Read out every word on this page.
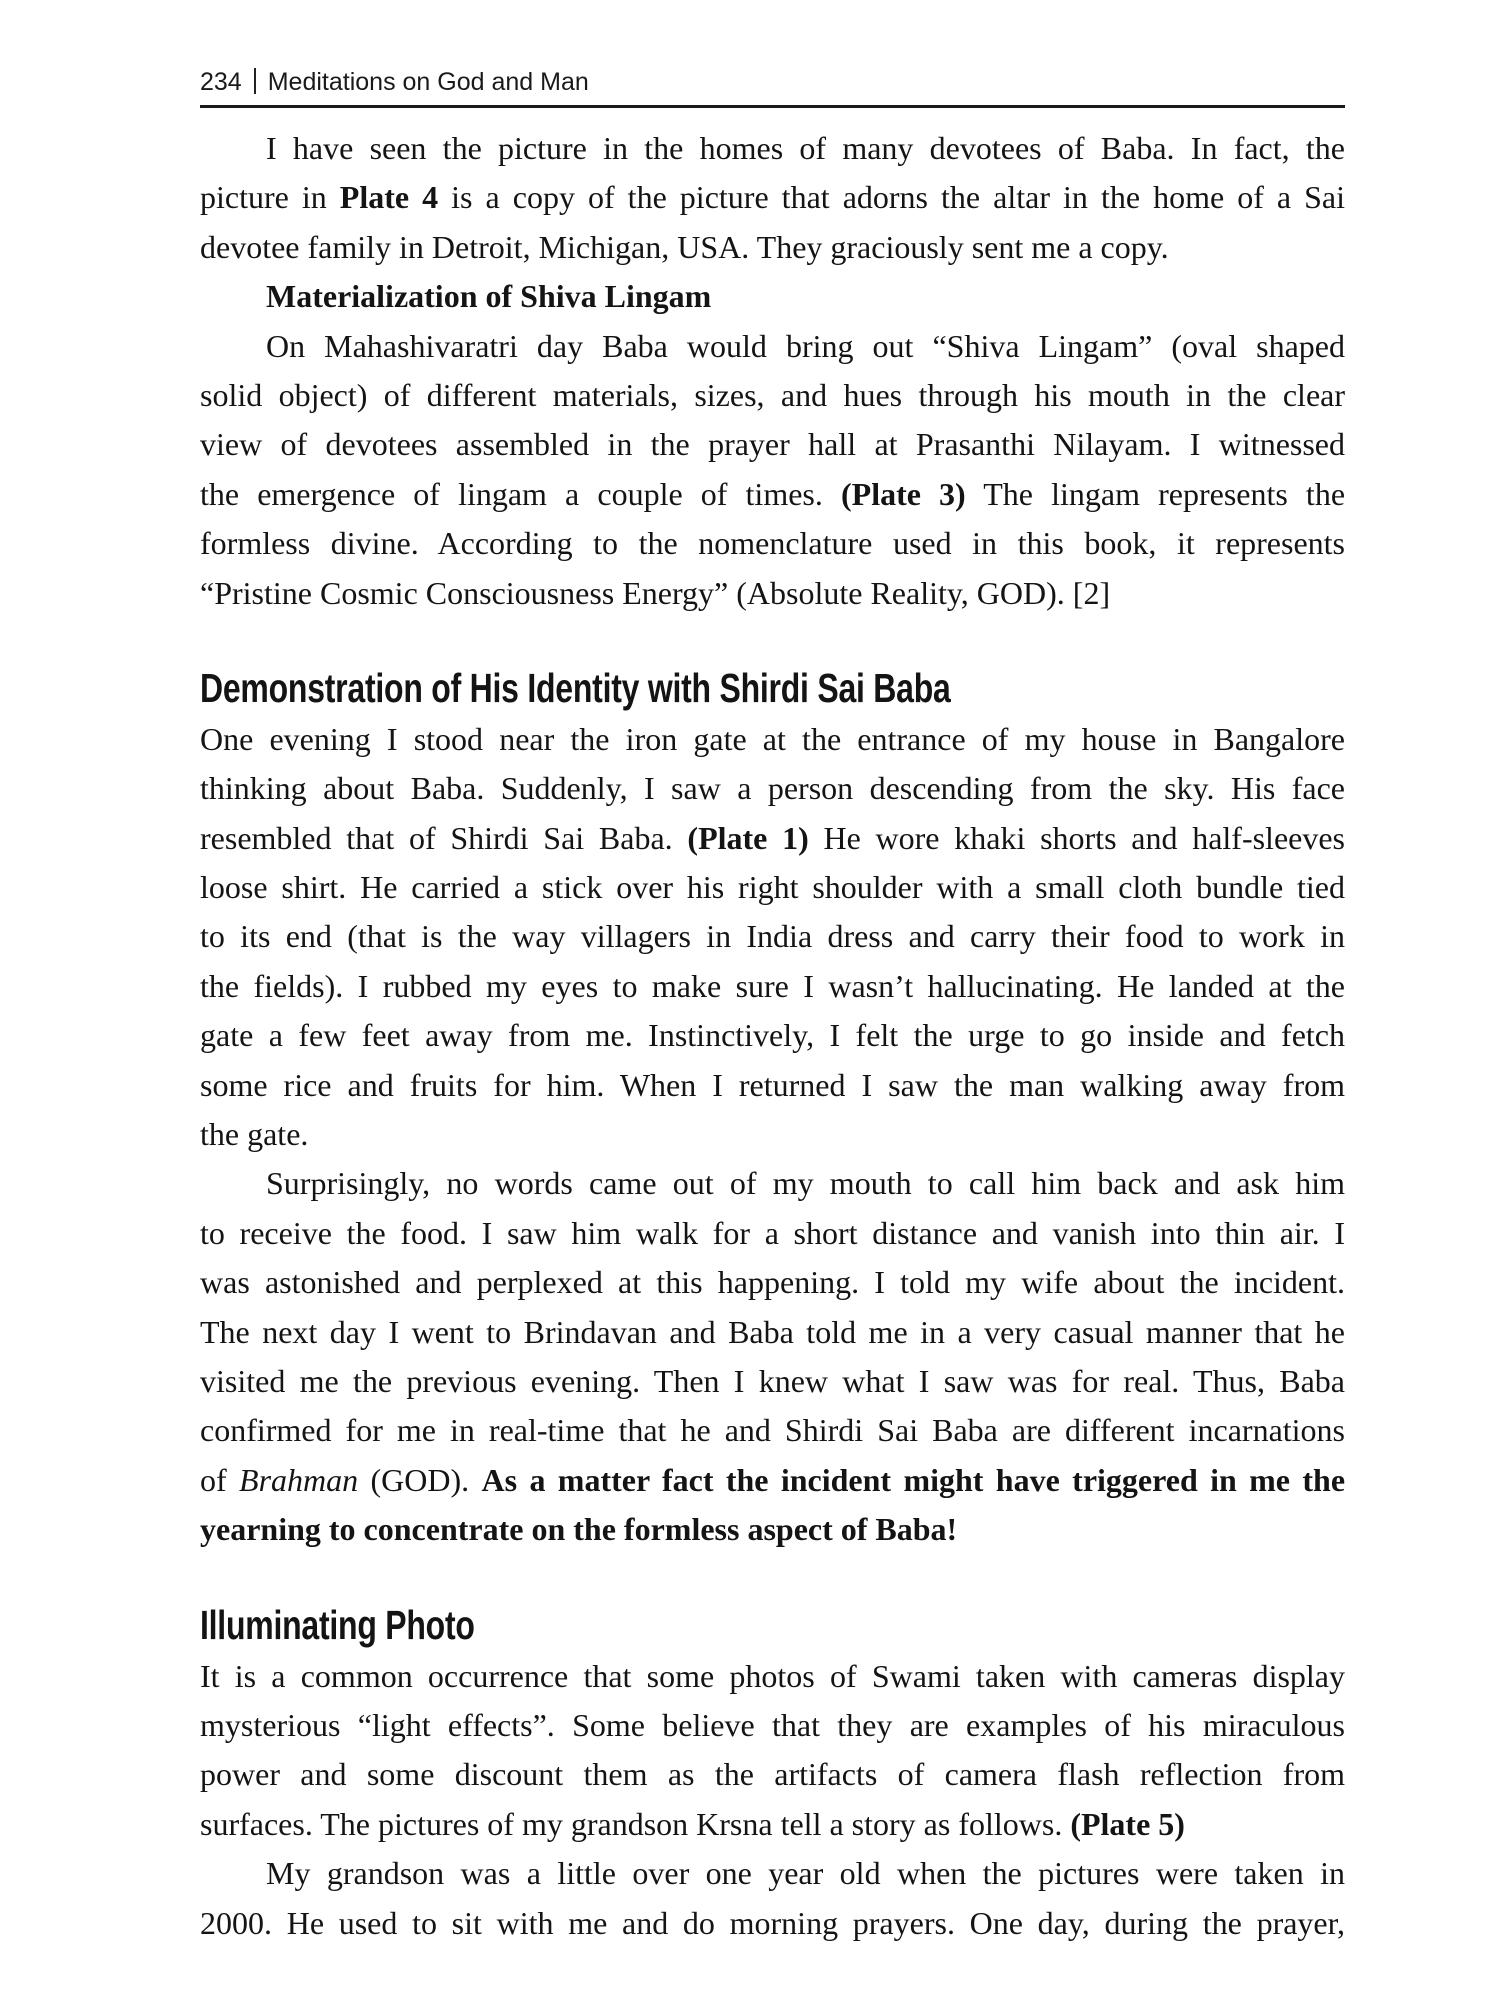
234 Meditations on God and Man
I have seen the picture in the homes of many devotees of Baba. In fact, the
picture in Plate 4 is a copy of the picture that adorns the altar in the home of a Sai
devotee family in Detroit, Michigan, USA. They graciously sent me a copy.
Materialization of Shiva Lingam
On Mahashivaratri day Baba would bring out “Shiva Lingam” (oval shaped
solid object) of different materials, sizes, and hues through his mouth in the clear
view of devotees assembled in the prayer hall at Prasanthi Nilayam. I witnessed
the emergence of lingam a couple of times. (Plate 3) The lingam represents the
formless divine. According to the nomenclature used in this book, it represents
“Pristine Cosmic Consciousness Energy” (Absolute Reality, GOD). [2]
Demonstration of His Identity with Shirdi Sai Baba
One evening I stood near the iron gate at the entrance of my house in Bangalore
thinking about Baba. Suddenly, I saw a person descending from the sky. His face
resembled that of Shirdi Sai Baba. (Plate 1) He wore khaki shorts and half-sleeves
loose shirt. He carried a stick over his right shoulder with a small cloth bundle tied
to its end (that is the way villagers in India dress and carry their food to work in
the fields). I rubbed my eyes to make sure I wasn’t hallucinating. He landed at the
gate a few feet away from me. Instinctively, I felt the urge to go inside and fetch
some rice and fruits for him. When I returned I saw the man walking away from
the gate.
Surprisingly, no words came out of my mouth to call him back and ask him
to receive the food. I saw him walk for a short distance and vanish into thin air. I
was astonished and perplexed at this happening. I told my wife about the incident.
The next day I went to Brindavan and Baba told me in a very casual manner that he
visited me the previous evening. Then I knew what I saw was for real. Thus, Baba
confirmed for me in real-time that he and Shirdi Sai Baba are different incarnations
of Brahman (GOD). As a matter fact the incident might have triggered in me the
yearning to concentrate on the formless aspect of Baba!
Illuminating Photo
It is a common occurrence that some photos of Swami taken with cameras display
mysterious “light effects”. Some believe that they are examples of his miraculous
power and some discount them as the artifacts of camera flash reflection from
surfaces. The pictures of my grandson Krsna tell a story as follows. (Plate 5)
My grandson was a little over one year old when the pictures were taken in
2000. He used to sit with me and do morning prayers. One day, during the prayer,
